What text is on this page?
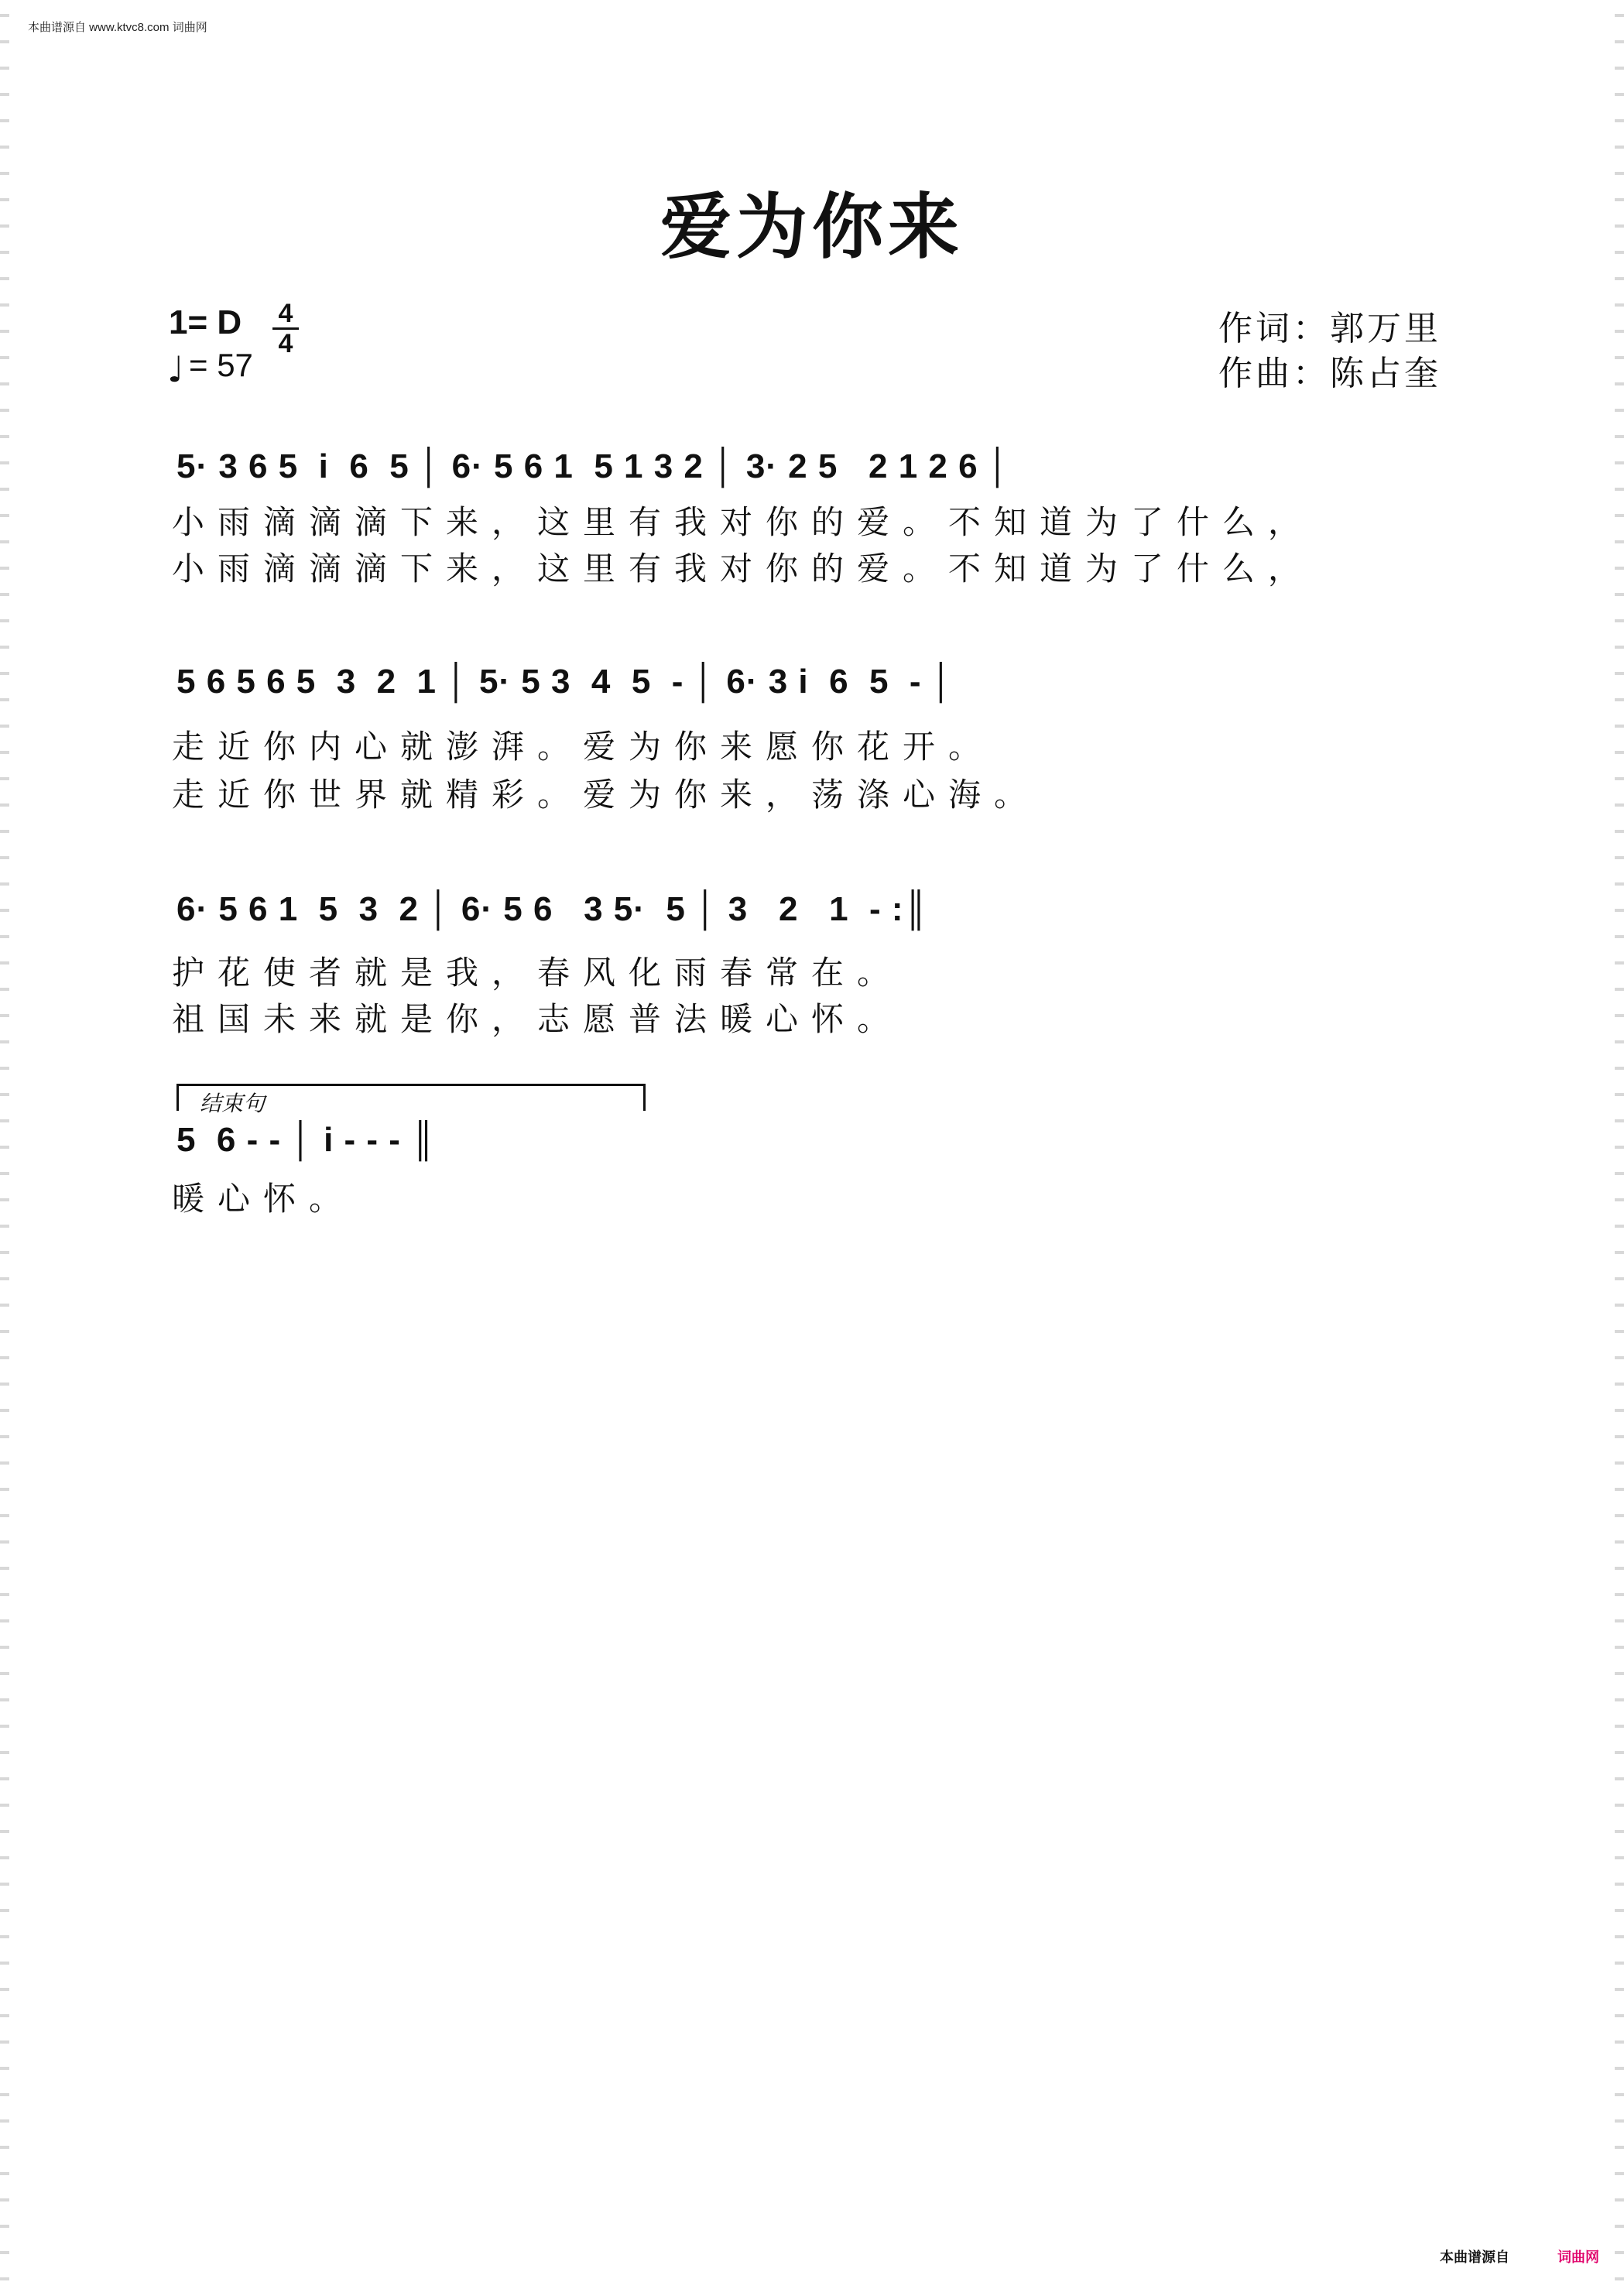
本曲谱源自 www.ktvc8.com 词曲网
爱为你来
1= D 4
4
♩ = 57
作词：郭万里
作曲：陈占奎
5· 3 6 5  i  6  5 │ 6· 5 6 1  5 1 3 2 │ 3· 2 5   2 1 2 6 │
小雨滴滴滴下来，这里有我对你的爱。不知道为了什么，
小雨滴滴滴下来，这里有我对你的爱。不知道为了什么，
5 6 5 6 5  3  2  1 │ 5· 5 3  4  5  - │ 6· 3 i  6  5  - │
走近你内心就澎湃。爱为你来愿你花开。
走近你世界就精彩。爱为你来，荡涤心海。
6· 5 6 1  5  3  2 │ 6· 5 6   3 5·  5 │ 3   2   1  - :║
护花使者就是我，春风化雨春常在。
祖国未来就是你，志愿普法暖心怀。
结束句
5  6 - - │ i - - - ║
暖心怀。
本曲谱源自	词曲网
